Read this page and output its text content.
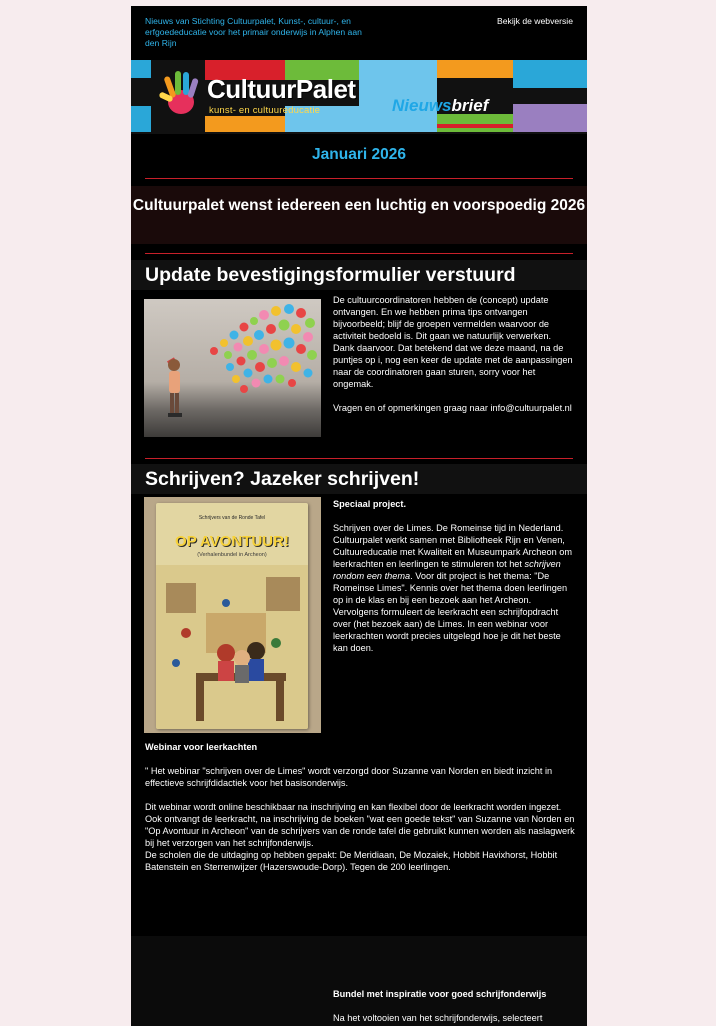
Nieuws van Stichting Cultuurpalet, Kunst-, cultuur-, en erfgoededucatie voor het primair onderwijs in Alphen aan den Rijn
Bekijk de webversie
CultuurPalet
kunst- en cultuureducatie	Nieuwsbrief
Januari 2026
Cultuurpalet wenst iedereen een luchtig en voorspoedig 2026
Update bevestigingsformulier verstuurd

De cultuurcoordinatoren hebben de (concept) update ontvangen. En we hebben prima tips ontvangen bijvoorbeeld; blijf de groepen vermelden waarvoor de activiteit bedoeld is. Dit gaan we natuurlijk verwerken. Dank daarvoor. Dat betekend dat we deze maand, na de puntjes op i, nog een keer de update met de aanpassingen naar de coordinatoren gaan sturen, sorry voor het ongemak.

Vragen en of opmerkingen graag naar info@cultuurpalet.nl

Schrijven? Jazeker schrijven!
Schrijvers van de Ronde Tafel
OP AVONTUUR!
(Verhalenbundel in Archeon)

Speciaal project.

Schrijven over de Limes. De Romeinse tijd in Nederland.

Cultuurpalet werkt samen met Bibliotheek Rijn en Venen, Cultuureducatie met Kwaliteit en Museumpark Archeon om leerkrachten en leerlingen te stimuleren tot het schrijven rondom een thema. Voor dit project is het thema: "De Romeinse Limes". Kennis over het thema doen leerlingen op in de klas en bij een bezoek aan het Archeon. Vervolgens formuleert de leerkracht een schrijfopdracht over (het bezoek aan) de Limes. In een webinar voor leerkrachten wordt precies uitgelegd hoe je dit het beste kan doen.

Webinar voor leerkachten

" Het webinar "schrijven over de Limes" wordt verzorgd door Suzanne van Norden en biedt inzicht in effectieve schrijfdidactiek voor het basisonderwijs.

Dit webinar wordt online beschikbaar na inschrijving en kan flexibel door de leerkracht worden ingezet. Ook ontvangt de leerkracht, na inschrijving de boeken "wat een goede tekst" van Suzanne van Norden en "Op Avontuur in Archeon" van de schrijvers van de ronde tafel die gebruikt kunnen worden als naslagwerk bij het verzorgen van het schrijfonderwijs.

De scholen die de uitdaging op hebben gepakt: De Meridiaan, De Mozaiek, Hobbit Havixhorst, Hobbit Batenstein en Sterrenwijzer (Hazerswoude-Dorp). Tegen de 200 leerlingen.

Bundel met inspiratie voor goed schrijfonderwijs
Na het voltooien van het schrijfonderwijs, selecteert
